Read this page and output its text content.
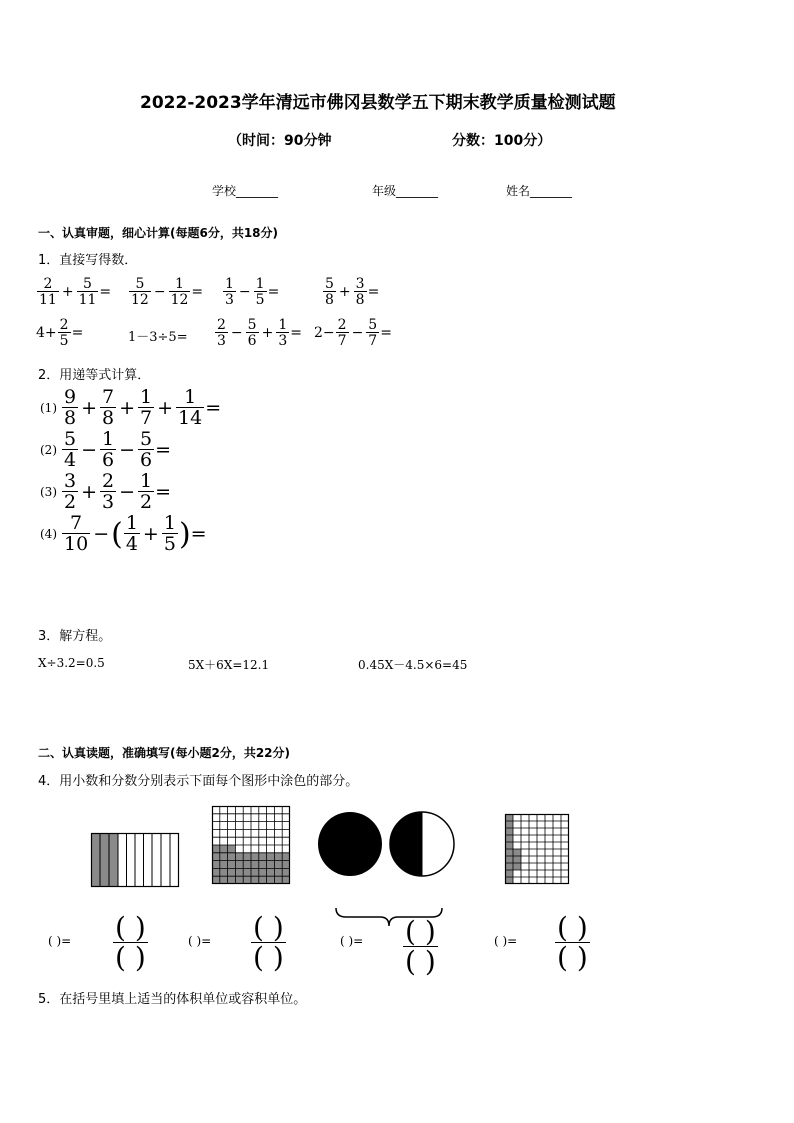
2022-2023学年清远市佛冈县数学五下期末教学质量检测试题
（时间：90分钟	分数：100分）
学校_______	年级_______	姓名_______
一、认真审题，细心计算(每题6分，共18分)
1．直接写得数．
$\frac{2}{11} + \frac{5}{11} = \frac{5}{12} - \frac{1}{12} = \frac{1}{3} - \frac{1}{5}$ =	$\frac{5}{8} + \frac{3}{8}$ =
$4+ \frac{2}{5}$ =	$1-3\div 5= \frac{2}{3} - \frac{5}{6} + \frac{1}{3} = 2- \frac{2}{7} - \frac{5}{7}$ =
2．用递等式计算．
$(1) \frac{9}{8} + \frac{7}{8} + \frac{1}{7} + \frac{1}{14}$ =
$(2) \frac{5}{4} - \frac{1}{6} - \frac{5}{6}$ =
$(3) \frac{3}{2} + \frac{2}{3} - \frac{1}{2}$ =
$(4) \frac{7}{10}$ − ( $\frac{1}{4} + \frac{1}{5}$ ) =
3．解方程。
X÷3.2=0.5	5X＋6X=12.1	0.45X－4.5×6=45
二、认真读题，准确填写(每小题2分，共22分)
4．用小数和分数分别表示下面每个图形中涂色的部分。
( )= $\frac{( )}{( )}$	( )= $\frac{( )}{( )}$	( )= $\frac{( )}{( )}$	( )= $\frac{( )}{( )}$
5．在括号里填上适当的体积单位或容积单位。
